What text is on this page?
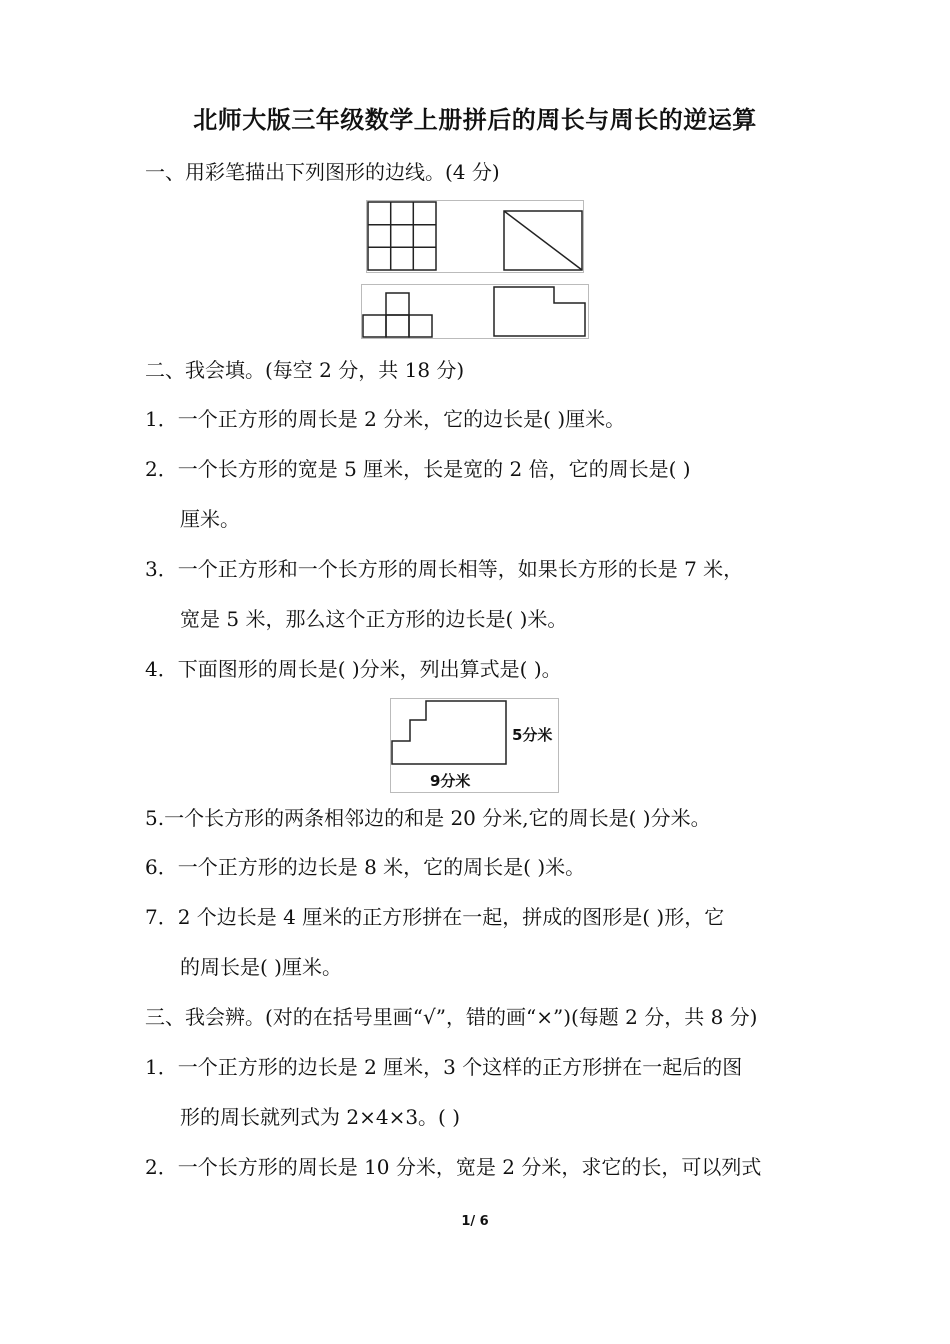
北师大版三年级数学上册拼后的周长与周长的逆运算
一、用彩笔描出下列图形的边线。(4 分)
二、我会填。(每空 2 分，共 18 分)
1．一个正方形的周长是 2 分米，它的边长是( )厘米。
2．一个长方形的宽是 5 厘米，长是宽的 2 倍，它的周长是( )
厘米。
3．一个正方形和一个长方形的周长相等，如果长方形的长是 7 米，
宽是 5 米，那么这个正方形的边长是( )米。
4．下面图形的周长是( )分米，列出算式是( )。
5分米
9分米
5.一个长方形的两条相邻边的和是 20 分米,它的周长是( )分米。
6．一个正方形的边长是 8 米，它的周长是( )米。
7．2 个边长是 4 厘米的正方形拼在一起，拼成的图形是( )形，它
的周长是( )厘米。
三、我会辨。(对的在括号里画“√”，错的画“×”)(每题 2 分，共 8 分)
1．一个正方形的边长是 2 厘米，3 个这样的正方形拼在一起后的图
形的周长就列式为 2×4×3。( )
2．一个长方形的周长是 10 分米，宽是 2 分米，求它的长，可以列式
1/ 6
